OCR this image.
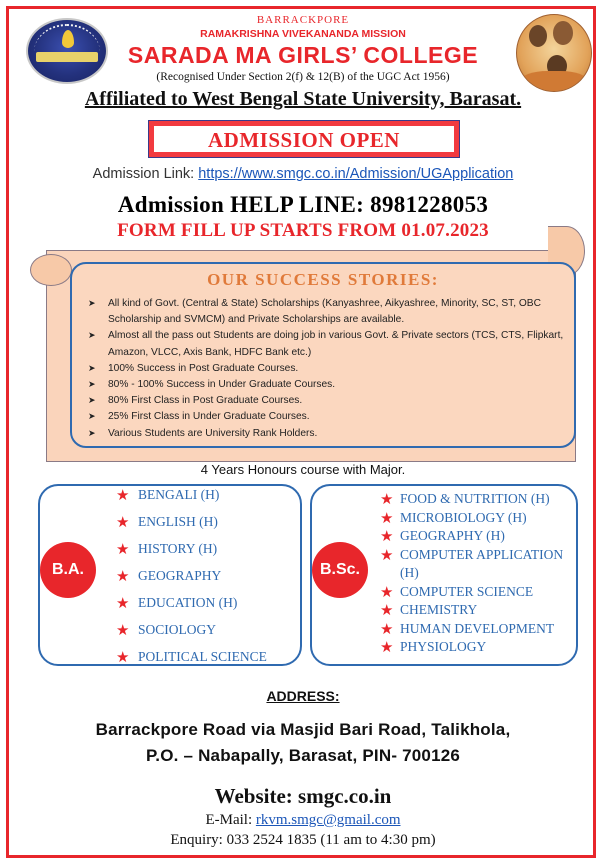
BARRACKPORE
RAMAKRISHNA VIVEKANANDA MISSION
SARADA MA GIRLS’ COLLEGE
(Recognised Under Section 2(f) & 12(B) of the UGC Act 1956)
Affiliated to West Bengal State University, Barasat.
ADMISSION OPEN
Admission Link: https://www.smgc.co.in/Admission/UGApplication
Admission HELP LINE: 8981228053
FORM FILL UP STARTS FROM 01.07.2023
OUR SUCCESS STORIES:
➤ All kind of Govt. (Central & State) Scholarships (Kanyashree, Aikyashree, Minority, SC, ST, OBC Scholarship and SVMCM) and Private Scholarships are available.
➤ Almost all the pass out Students are doing job in various Govt. & Private sectors (TCS, CTS, Flipkart, Amazon, VLCC, Axis Bank, HDFC Bank etc.)
➤ 100% Success in Post Graduate Courses.
➤ 80% - 100% Success in Under Graduate Courses.
➤ 80% First Class in Post Graduate Courses.
➤ 25% First Class in Under Graduate Courses.
➤ Various Students are University Rank Holders.
4 Years Honours course with Major.
B.A.
★ BENGALI (H)
★ ENGLISH (H)
★ HISTORY (H)
★ GEOGRAPHY
★ EDUCATION (H)
★ SOCIOLOGY
★ POLITICAL SCIENCE
B.Sc.
★ FOOD & NUTRITION (H)
★ MICROBIOLOGY (H)
★ GEOGRAPHY (H)
★ COMPUTER APPLICATION (H)
★ COMPUTER SCIENCE
★ CHEMISTRY
★ HUMAN DEVELOPMENT
★ PHYSIOLOGY
ADDRESS:
Barrackpore Road via Masjid Bari Road, Talikhola,
P.O. – Nabapally, Barasat, PIN- 700126
Website: smgc.co.in
E-Mail: rkvm.smgc@gmail.com
Enquiry: 033 2524 1835 (11 am to 4:30 pm)
